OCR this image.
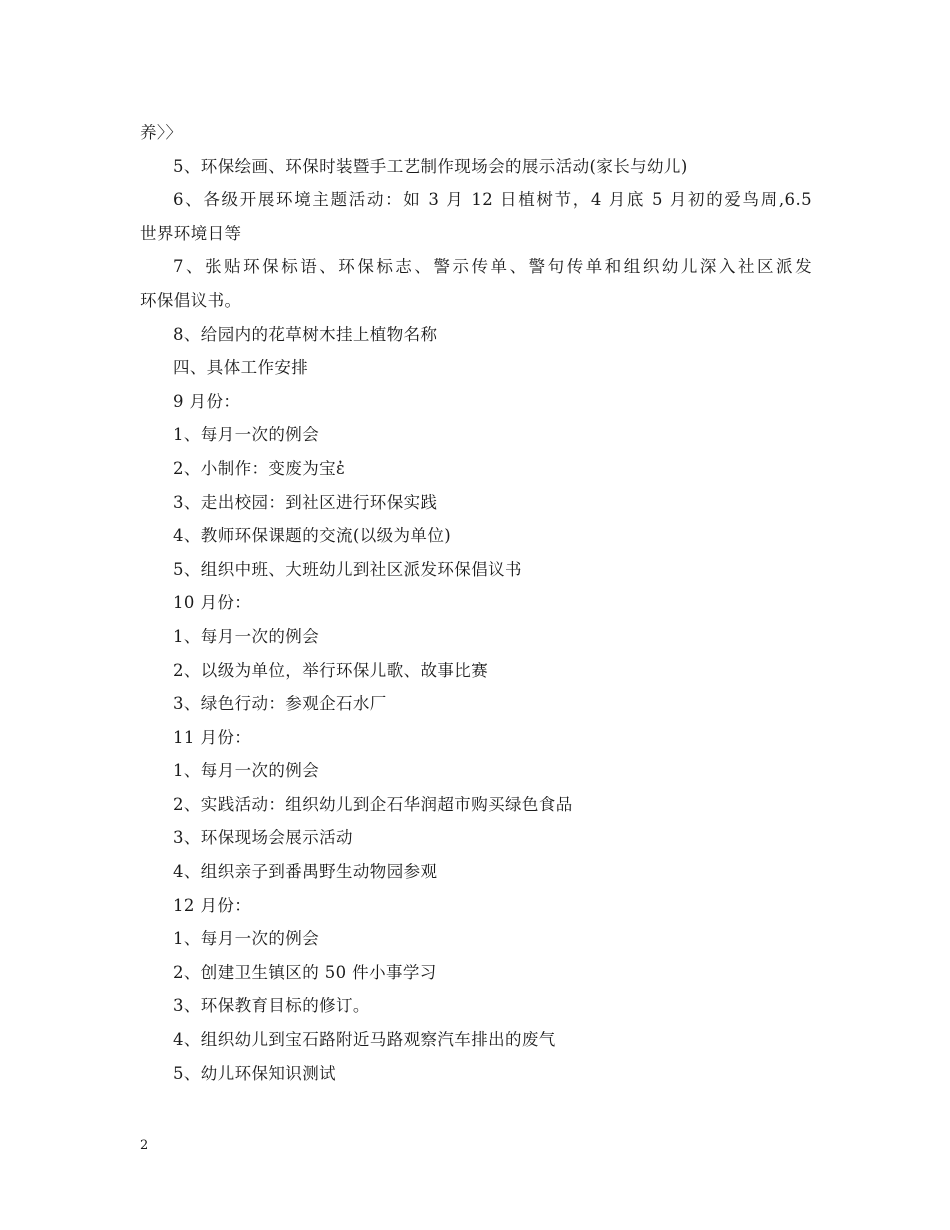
养〉〉
5、环保绘画、环保时装暨手工艺制作现场会的展示活动(家长与幼儿)
6、各级开展环境主题活动：如 3 月 12 日植树节，4 月底 5 月初的爱鸟周,6.5
世界环境日等
7、张贴环保标语、环保标志、警示传单、警句传单和组织幼儿深入社区派发
环保倡议书。
8、给园内的花草树木挂上植物名称
四、具体工作安排
9 月份：
1、每月一次的例会
2、小制作：变废为宝ɛ̓
3、走出校园：到社区进行环保实践
4、教师环保课题的交流(以级为单位)
5、组织中班、大班幼儿到社区派发环保倡议书
10 月份：
1、每月一次的例会
2、以级为单位，举行环保儿歌、故事比赛
3、绿色行动：参观企石水厂
11 月份：
1、每月一次的例会
2、实践活动：组织幼儿到企石华润超市购买绿色食品
3、环保现场会展示活动
4、组织亲子到番禺野生动物园参观
12 月份：
1、每月一次的例会
2、创建卫生镇区的 50 件小事学习
3、环保教育目标的修订。
4、组织幼儿到宝石路附近马路观察汽车排出的废气
5、幼儿环保知识测试
2
